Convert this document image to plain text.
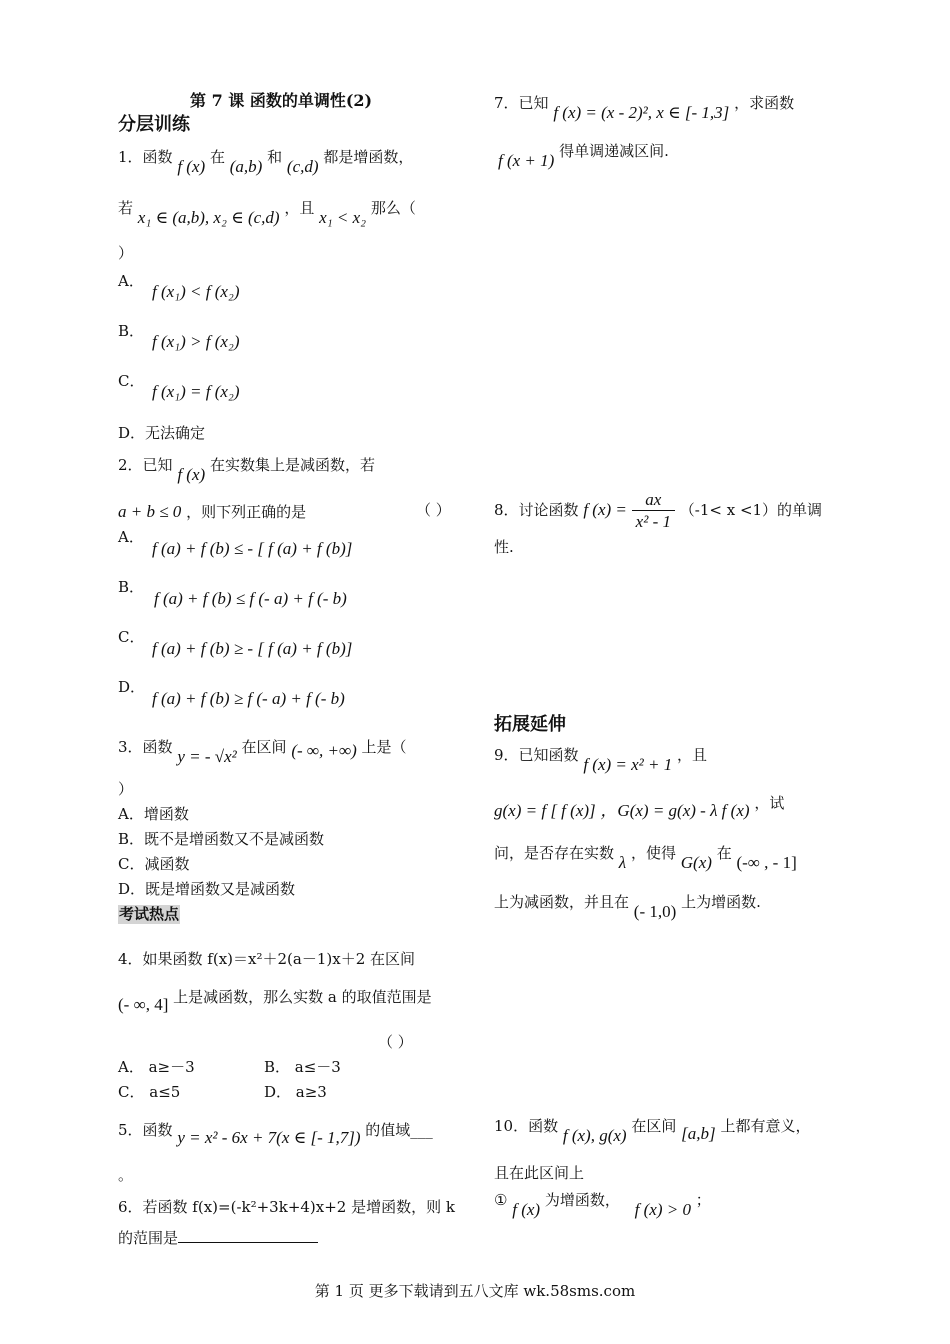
第 7 课 函数的单调性(2)
分层训练
1．函数 f (x) 在 (a,b) 和 (c,d) 都是增函数，
若 x₁ ∈ (a,b), x₂ ∈ (c,d) ，且 x₁ < x₂ 那么（
）
A．
f (x₁) < f (x₂)
B．
f (x₁) > f (x₂)
C．
f (x₁) = f (x₂)
D．无法确定
2．已知 f (x) 在实数集上是减函数，若
a + b ≤ 0 ，则下列正确的是	（ ）
A．
f (a) + f (b) ≤ - [ f (a) + f (b)]
B．
f (a) + f (b) ≤ f (- a) + f (- b)
C．
f (a) + f (b) ≥ - [ f (a) + f (b)]
D．
f (a) + f (b) ≥ f (- a) + f (- b)
3．函数 y = - √x² 在区间 (- ∞, +∞) 上是（
）
A．增函数
B．既不是增函数又不是减函数
C．减函数
D．既是增函数又是减函数
考试热点
4．如果函数 f(x)＝x²＋2(a－1)x＋2 在区间
(- ∞, 4] 上是减函数，那么实数 a 的取值范围是
（ ）
A． a≥－3	B． a≤－3
C． a≤5	D． a≥3
5．函数 y = x² - 6x + 7(x ∈ [- 1,7]) 的值域___
。
6．若函数 f(x)=(-k²+3k+4)x+2 是增函数，则 k
的范围是
7．已知 f (x) = (x - 2)², x ∈ [- 1,3] ，求函数
f (x + 1) 得单调递减区间.
8．讨论函数 f $(x) = \frac{ax}{\text{x² - 1}} (-1< x <1)$的单调
性.
拓展延伸
9．已知函数 f (x) = x² + 1 ，且
g(x) = f [ f (x)] ，G(x) = g(x) - λ f (x) ，试
问，是否存在实数 λ ，使得 G(x) 在 (-∞ , - 1]
上为减函数，并且在 (- 1,0) 上为增函数.
10．函数 f (x), g(x) 在区间 [a,b] 上都有意义，
且在此区间上
① f (x) 为增函数， f (x) > 0 ；
第 1 页 更多下载请到五八文库 wk.58sms.com
